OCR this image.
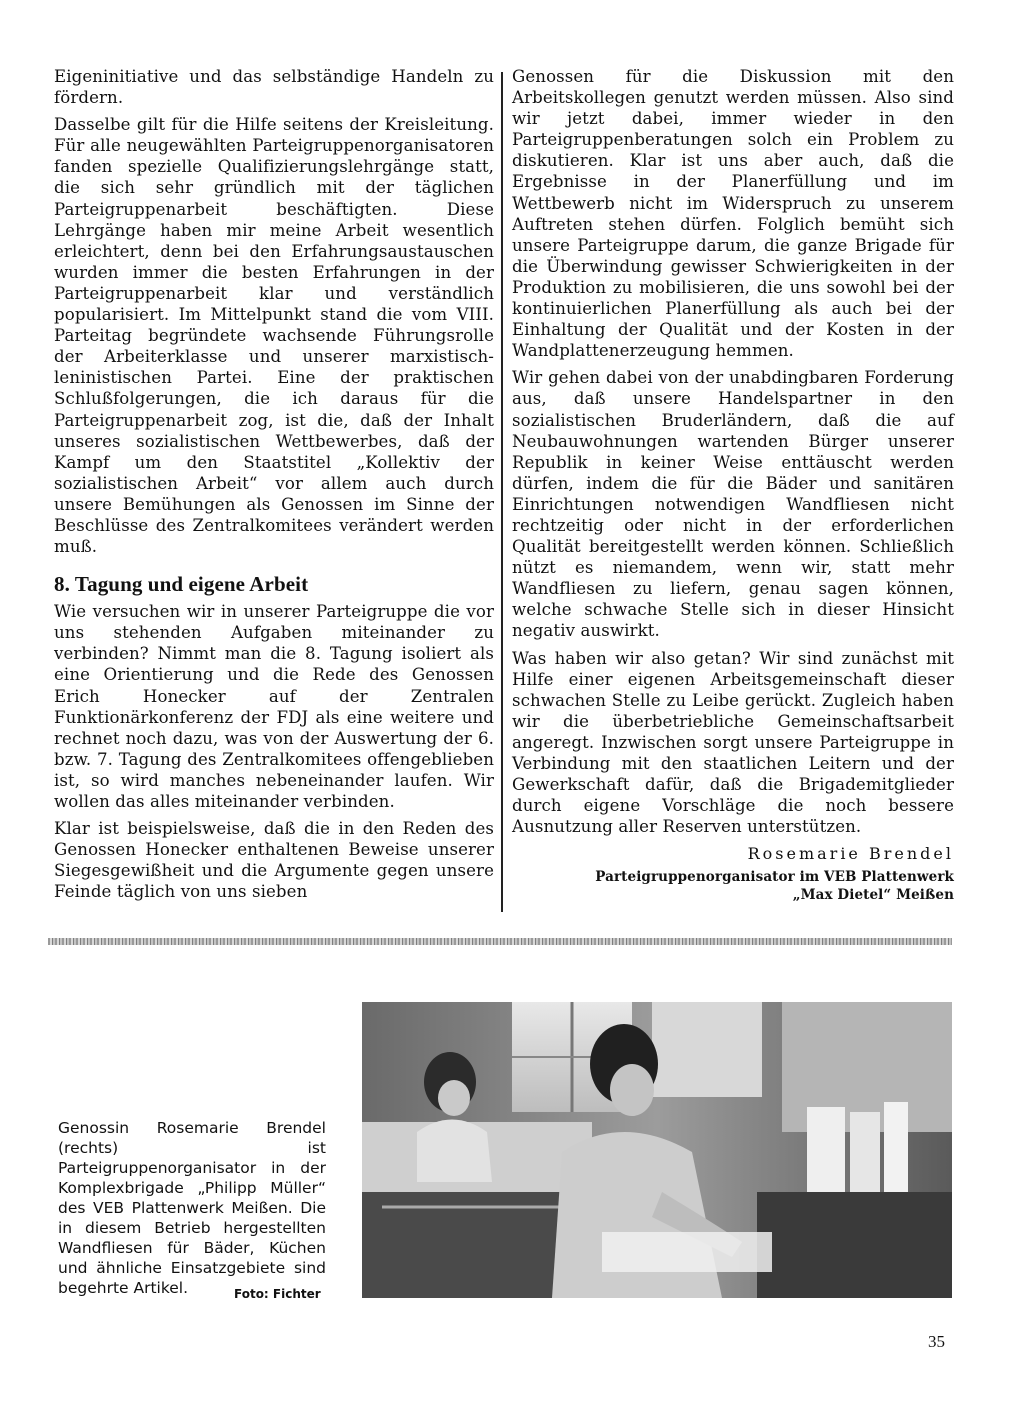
Eigeninitiative und das selbständige Handeln zu fördern.

Dasselbe gilt für die Hilfe seitens der Kreisleitung. Für alle neugewählten Parteigruppenorganisatoren fanden spezielle Qualifizierungslehrgänge statt, die sich sehr gründlich mit der täglichen Parteigruppenarbeit beschäftigten. Diese Lehrgänge haben mir meine Arbeit wesentlich erleichtert, denn bei den Erfahrungsaustauschen wurden immer die besten Erfahrungen in der Parteigruppenarbeit klar und verständlich popularisiert. Im Mittelpunkt stand die vom VIII. Parteitag begründete wachsende Führungsrolle der Arbeiterklasse und unserer marxistisch-leninistischen Partei. Eine der praktischen Schlußfolgerungen, die ich daraus für die Parteigruppenarbeit zog, ist die, daß der Inhalt unseres sozialistischen Wettbewerbes, daß der Kampf um den Staatstitel „Kollektiv der sozialistischen Arbeit“ vor allem auch durch unsere Bemühungen als Genossen im Sinne der Beschlüsse des Zentralkomitees verändert werden muß.

8. Tagung und eigene Arbeit

Wie versuchen wir in unserer Parteigruppe die vor uns stehenden Aufgaben miteinander zu verbinden? Nimmt man die 8. Tagung isoliert als eine Orientierung und die Rede des Genossen Erich Honecker auf der Zentralen Funktionärkonferenz der FDJ als eine weitere und rechnet noch dazu, was von der Auswertung der 6. bzw. 7. Tagung des Zentralkomitees offengeblieben ist, so wird manches nebeneinander laufen. Wir wollen das alles miteinander verbinden.

Klar ist beispielsweise, daß die in den Reden des Genossen Honecker enthaltenen Beweise unserer Siegesgewißheit und die Argumente gegen unsere Feinde täglich von uns sieben

Genossen für die Diskussion mit den Arbeitskollegen genutzt werden müssen. Also sind wir jetzt dabei, immer wieder in den Parteigruppenberatungen solch ein Problem zu diskutieren. Klar ist uns aber auch, daß die Ergebnisse in der Planerfüllung und im Wettbewerb nicht im Widerspruch zu unserem Auftreten stehen dürfen. Folglich bemüht sich unsere Parteigruppe darum, die ganze Brigade für die Überwindung gewisser Schwierigkeiten in der Produktion zu mobilisieren, die uns sowohl bei der kontinuierlichen Planerfüllung als auch bei der Einhaltung der Qualität und der Kosten in der Wandplattenerzeugung hemmen.

Wir gehen dabei von der unabdingbaren Forderung aus, daß unsere Handelspartner in den sozialistischen Bruderländern, daß die auf Neubauwohnungen wartenden Bürger unserer Republik in keiner Weise enttäuscht werden dürfen, indem die für die Bäder und sanitären Einrichtungen notwendigen Wandfliesen nicht rechtzeitig oder nicht in der erforderlichen Qualität bereitgestellt werden können. Schließlich nützt es niemandem, wenn wir, statt mehr Wandfliesen zu liefern, genau sagen können, welche schwache Stelle sich in dieser Hinsicht negativ auswirkt.

Was haben wir also getan? Wir sind zunächst mit Hilfe einer eigenen Arbeitsgemeinschaft dieser schwachen Stelle zu Leibe gerückt. Zugleich haben wir die überbetriebliche Gemeinschaftsarbeit angeregt. Inzwischen sorgt unsere Parteigruppe in Verbindung mit den staatlichen Leitern und der Gewerkschaft dafür, daß die Brigademitglieder durch eigene Vorschläge die noch bessere Ausnutzung aller Reserven unterstützen.

Rosemarie Brendel

Parteigruppenorganisator im VEB Plattenwerk

„Max Dietel“ Meißen

Genossin Rosemarie Brendel (rechts) ist Parteigruppenorganisator in der Komplexbrigade „Philipp Müller“ des VEB Plattenwerk Meißen. Die in diesem Betrieb hergestellten Wandfliesen für Bäder, Küchen und ähnliche Einsatzgebiete sind begehrte Artikel.	Foto: Fichter
35
